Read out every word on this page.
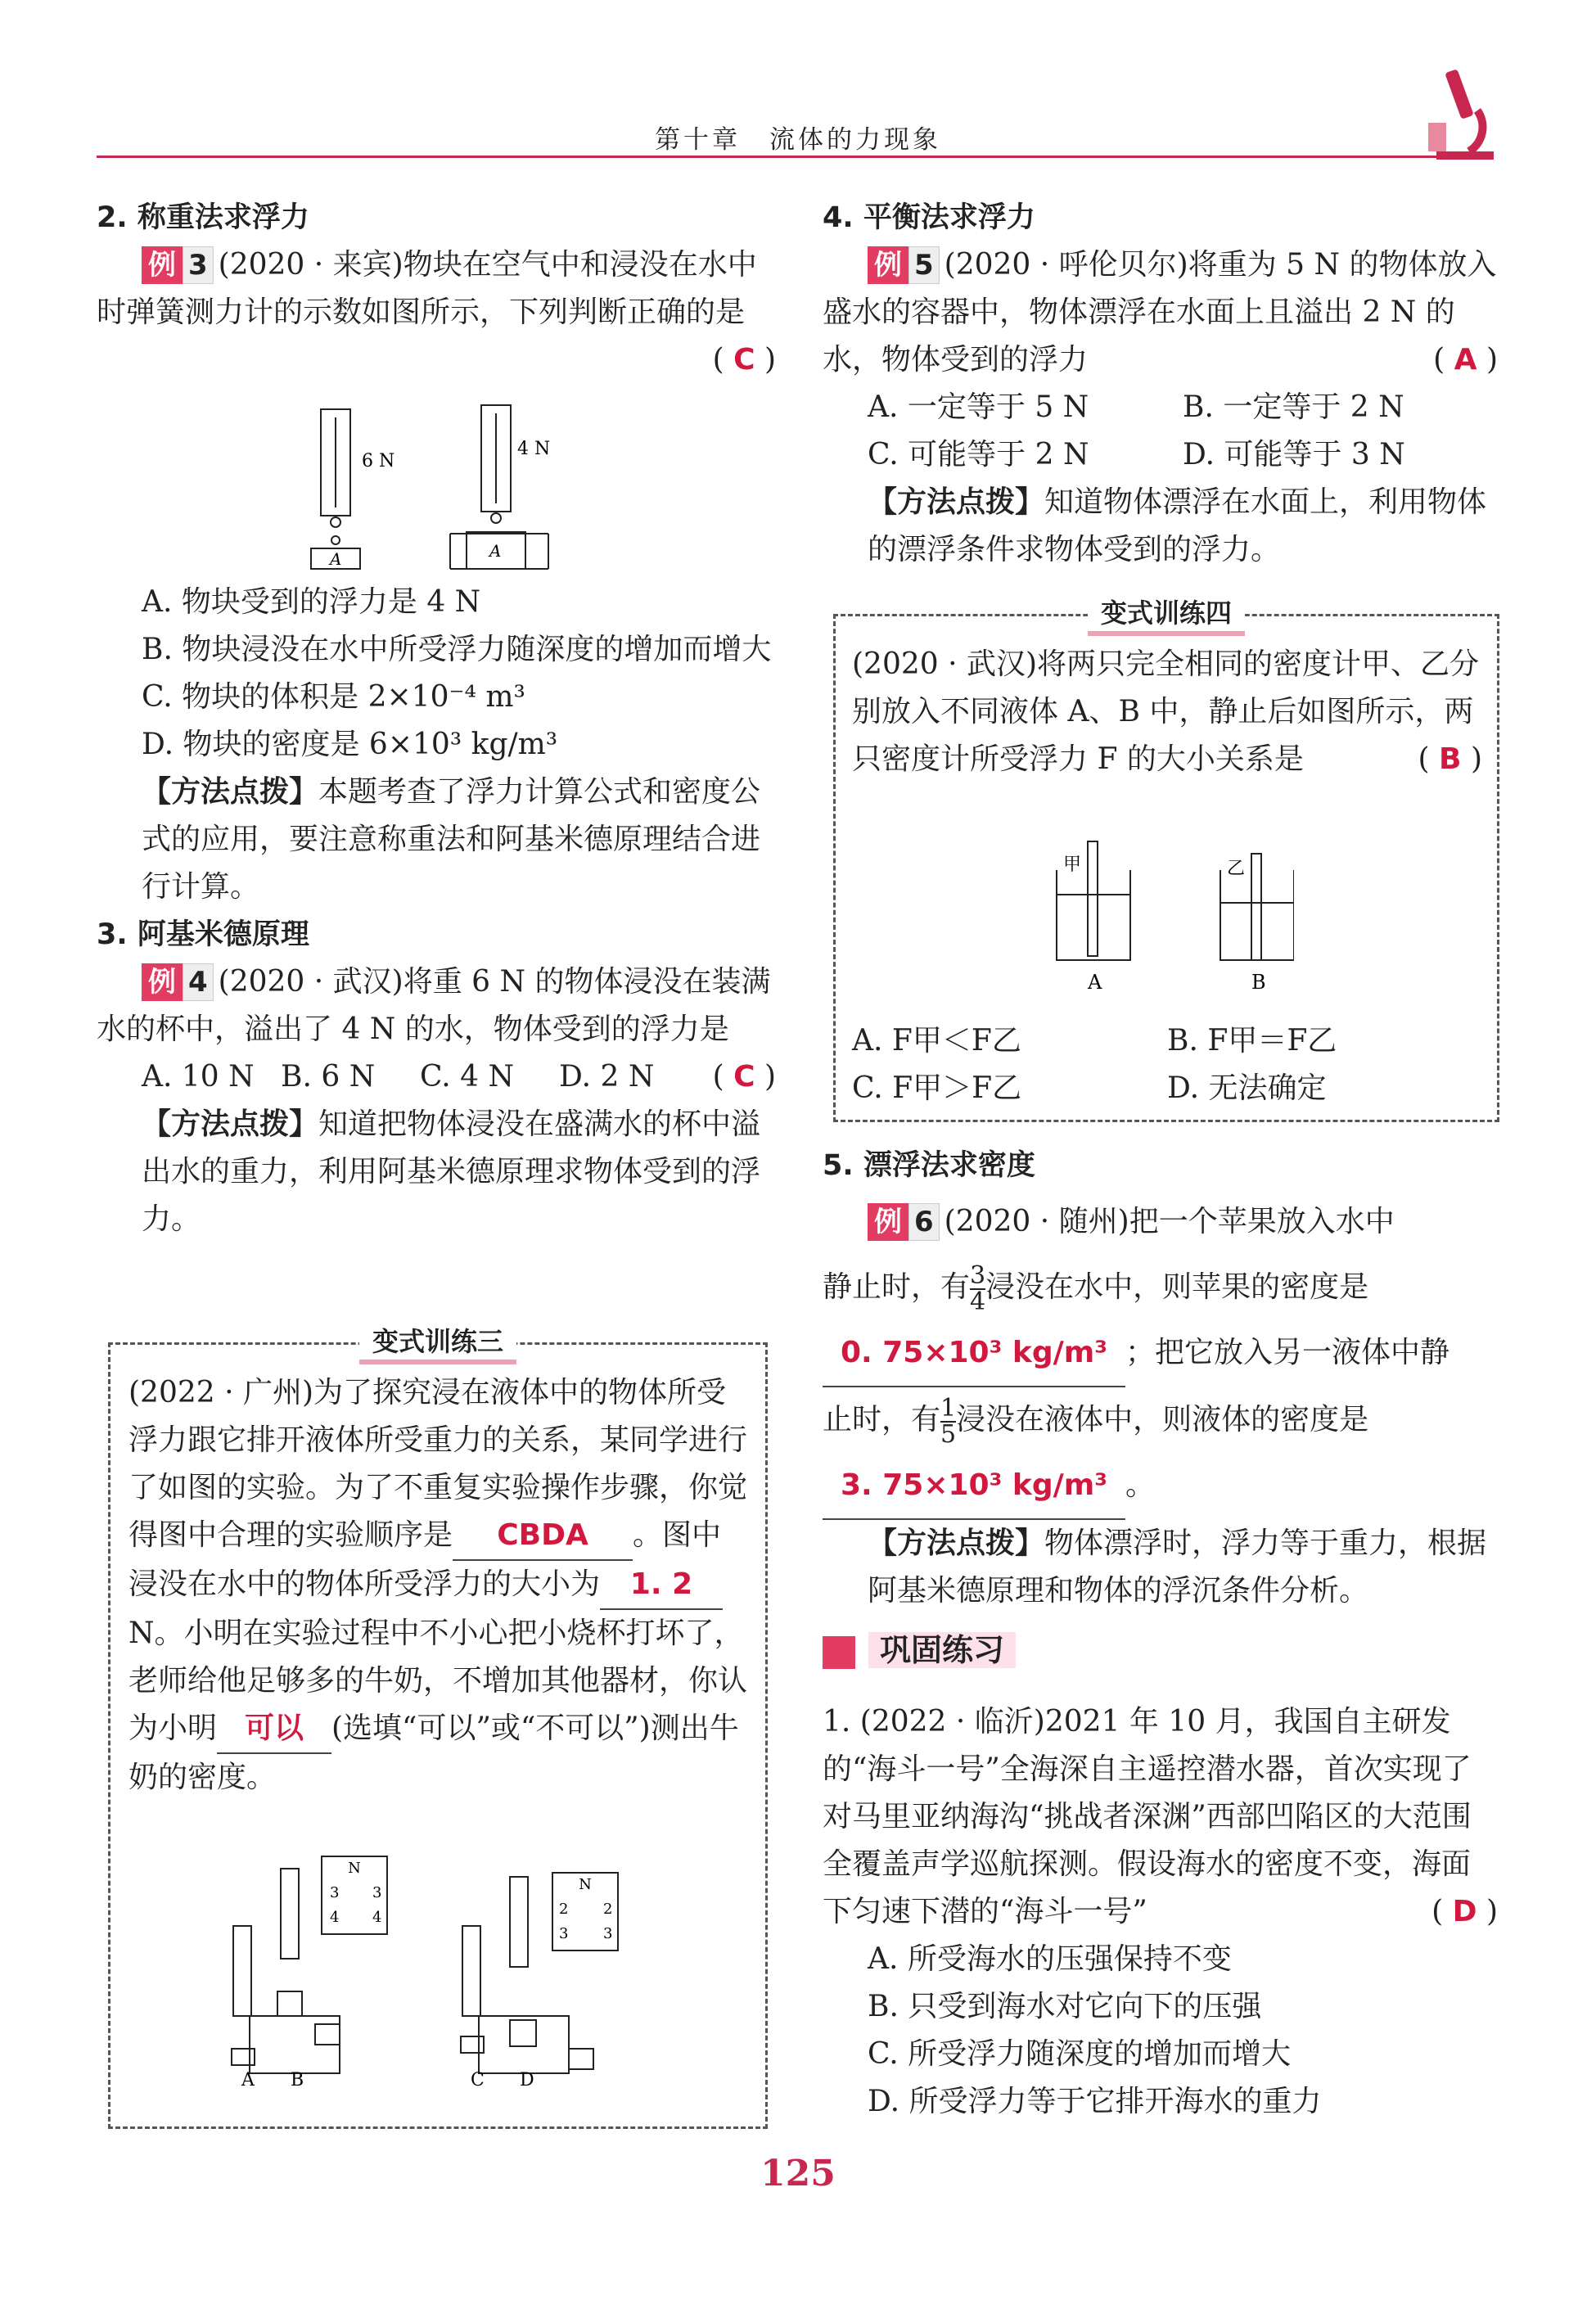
第十章　流体的力现象

2. 称重法求浮力

例 3 (2020 · 来宾)物块在空气中和浸没在水中时弹簧测力计的示数如图所示，下列判断正确的是
( C )

6 N
4 N
A	A

A. 物块受到的浮力是 4 N

B. 物块浸没在水中所受浮力随深度的增加而增大

C. 物块的体积是 2×10⁻⁴ m³

D. 物块的密度是 6×10³ kg/m³

【方法点拨】本题考查了浮力计算公式和密度公式的应用，要注意称重法和阿基米德原理结合进行计算。

3. 阿基米德原理

例 4 (2020 · 武汉)将重 6 N 的物体浸没在装满水的杯中，溢出了 4 N 的水，物体受到的浮力是
( C )

A. 10 N B. 6 N C. 4 N D. 2 N

【方法点拨】知道把物体浸没在盛满水的杯中溢出水的重力，利用阿基米德原理求物体受到的浮力。

变式训练三

(2022 · 广州)为了探究浸在液体中的物体所受浮力跟它排开液体所受重力的关系，某同学进行了如图的实验。为了不重复实验操作步骤，你觉得图中合理的实验顺序是 CBDA 。图中浸没在水中的物体所受浮力的大小为 1. 2N。小明在实验过程中不小心把小烧杯打坏了，老师给他足够多的牛奶，不增加其他器材，你认为小明 可以 (选填“可以”或“不可以”)测出牛奶的密度。

N
3
4
3
4
N
2
3
2
3
A B	C D

4. 平衡法求浮力

例 5 (2020 · 呼伦贝尔)将重为 5 N 的物体放入盛水的容器中，物体漂浮在水面上且溢出 2 N 的水，物体受到的浮力	( A )

A. 一定等于 5 N	B. 一定等于 2 N

C. 可能等于 2 N	D. 可能等于 3 N

【方法点拨】知道物体漂浮在水面上，利用物体的漂浮条件求物体受到的浮力。

变式训练四

(2020 · 武汉)将两只完全相同的密度计甲、乙分别放入不同液体 A、B 中，静止后如图所示，两只密度计所受浮力 F 的大小关系是	( B )

甲	乙
A	B

A. F甲＜F乙	B. F甲＝F乙

C. F甲＞F乙	D. 无法确定

5. 漂浮法求密度

例 6 (2020 · 随州)把一个苹果放入水中
静止时，有 $\frac{3}{4}$ 浸没在水中，则苹果的密度是
0. 75×10³ kg/m³ ；把它放入另一液体中静
止时，有 $\frac{1}{5}$ 浸没在液体中，则液体的密度是
3. 75×10³ kg/m³ 。

【方法点拨】物体漂浮时，浮力等于重力，根据阿基米德原理和物体的浮沉条件分析。

巩固练习

1. (2022 · 临沂)2021 年 10 月，我国自主研发的“海斗一号”全海深自主遥控潜水器，首次实现了对马里亚纳海沟“挑战者深渊”西部凹陷区的大范围全覆盖声学巡航探测。假设海水的密度不变，海面下匀速下潜的“海斗一号”	( D )

A. 所受海水的压强保持不变

B. 只受到海水对它向下的压强

C. 所受浮力随深度的增加而增大

D. 所受浮力等于它排开海水的重力

125
